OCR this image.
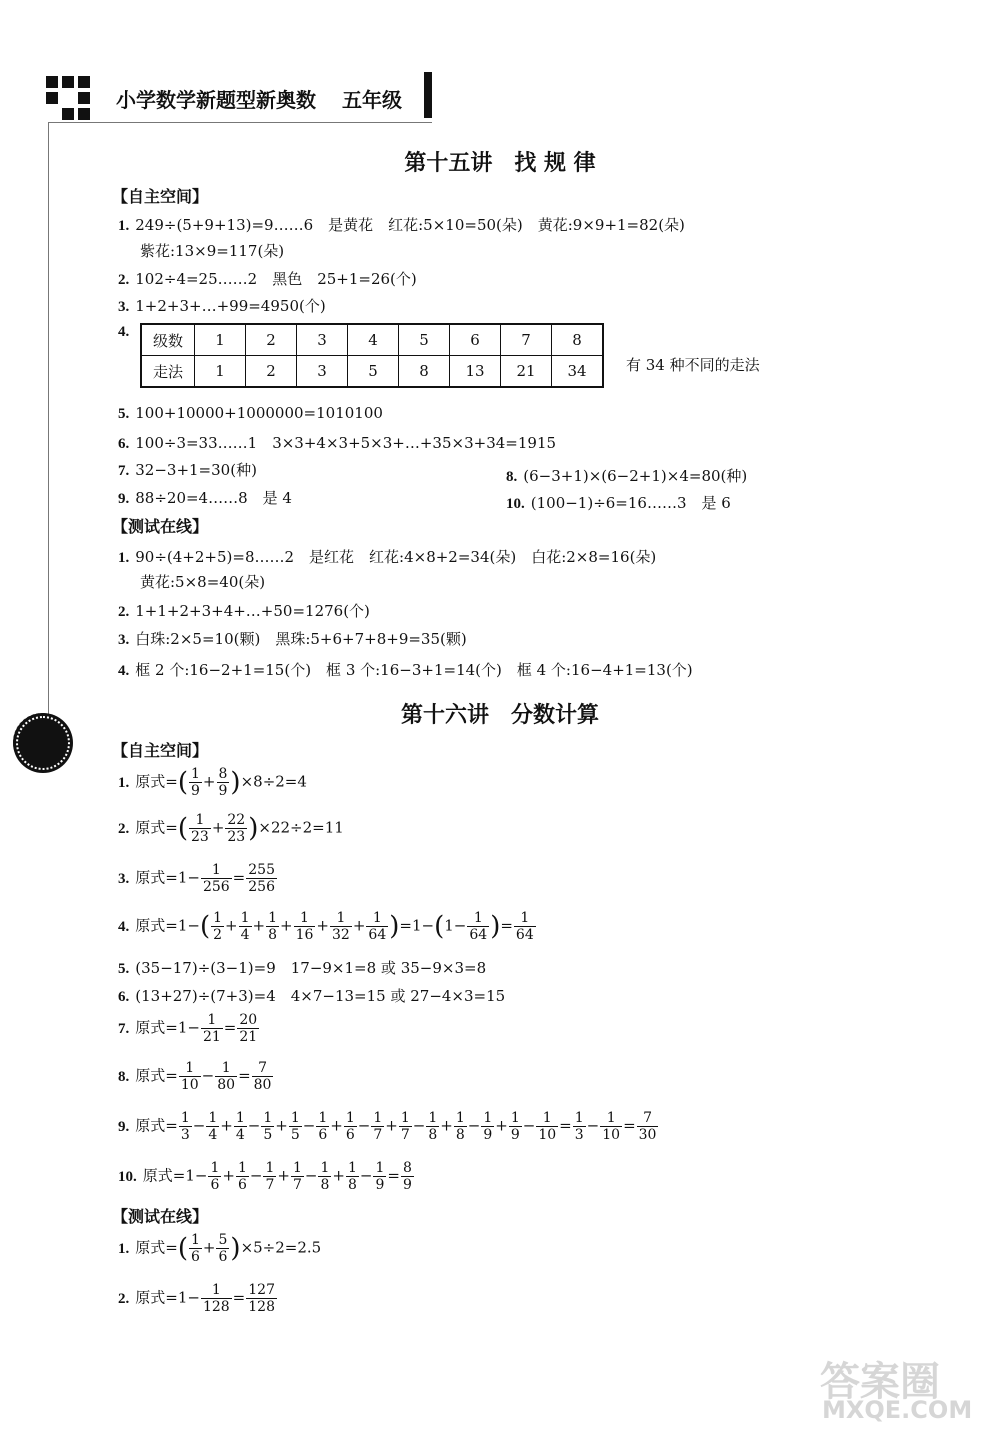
小学数学新题型新奥数 五年级
第十五讲　找 规 律
【自主空间】
1. 249÷(5+9+13)=9……6　是黄花　红花:5×10=50(朵)　黄花:9×9+1=82(朵)
紫花:13×9=117(朵)
2. 102÷4=25……2　黑色　25+1=26(个)
3. 1+2+3+…+99=4950(个)
4.	级数	1	2	3	4	5	6	7	8
走法	1	2	3	5	8	13	21	34	有 34 种不同的走法
5. 100+10000+1000000=1010100
6. 100÷3=33……1　3×3+4×3+5×3+…+35×3+34=1915
7. 32−3+1=30(种)	8. (6−3+1)×(6−2+1)×4=80(种)
9. 88÷20=4……8　是 4	10. (100−1)÷6=16……3　是 6
【测试在线】
1. 90÷(4+2+5)=8……2　是红花　红花:4×8+2=34(朵)　白花:2×8=16(朵)
黄花:5×8=40(朵)
2. 1+1+2+3+4+…+50=1276(个)
3. 白珠:2×5=10(颗)　黑珠:5+6+7+8+9=35(颗)
4. 框 2 个:16−2+1=15(个)　框 3 个:16−3+1=14(个)　框 4 个:16−4+1=13(个)
第十六讲　分数计算
【自主空间】
1. 原式=( $\frac{1}{9} + \frac{8}{9} )\times 8\div 2=4$
2. 原式=( $\frac{1}{23} + \frac{22}{23} )\times 22\div 2=11$
3. 原式$=1- \frac{1}{256} = \frac{255}{256}$
4. 原式$=1-( \frac{1}{2} + \frac{1}{4} + \frac{1}{8} + \frac{1}{16} + \frac{1}{32} + \frac{1}{64} )=1-(1- \frac{1}{64}$ )= $\frac{1}{64}$
5. (35−17)÷(3−1)=9　17−9×1=8 或 35−9×3=8
6. (13+27)÷(7+3)=4　4×7−13=15 或 27−4×3=15
7. 原式$=1- \frac{1}{21} = \frac{20}{21}$
8. 原式= $\frac{1}{10} - \frac{1}{80} = \frac{7}{80}$
9. 原式= $\frac{1}{3} - \frac{1}{4} + \frac{1}{4} - \frac{1}{5} + \frac{1}{5} - \frac{1}{6} + \frac{1}{6} - \frac{1}{7} + \frac{1}{7} - \frac{1}{8} + \frac{1}{8} - \frac{1}{9} + \frac{1}{9} - \frac{1}{10} = \frac{1}{3} - \frac{1}{10} = \frac{7}{30}$
10. 原式$=1- \frac{1}{6} + \frac{1}{6} - \frac{1}{7} + \frac{1}{7} - \frac{1}{8} + \frac{1}{8} - \frac{1}{9} = \frac{8}{9}$
【测试在线】
1. 原式=( $\frac{1}{6} + \frac{5}{6} )\times 5\div 2=2.5$
2. 原式$=1- \frac{1}{128} = \frac{127}{128}$
答案圈
MXQE.COM
